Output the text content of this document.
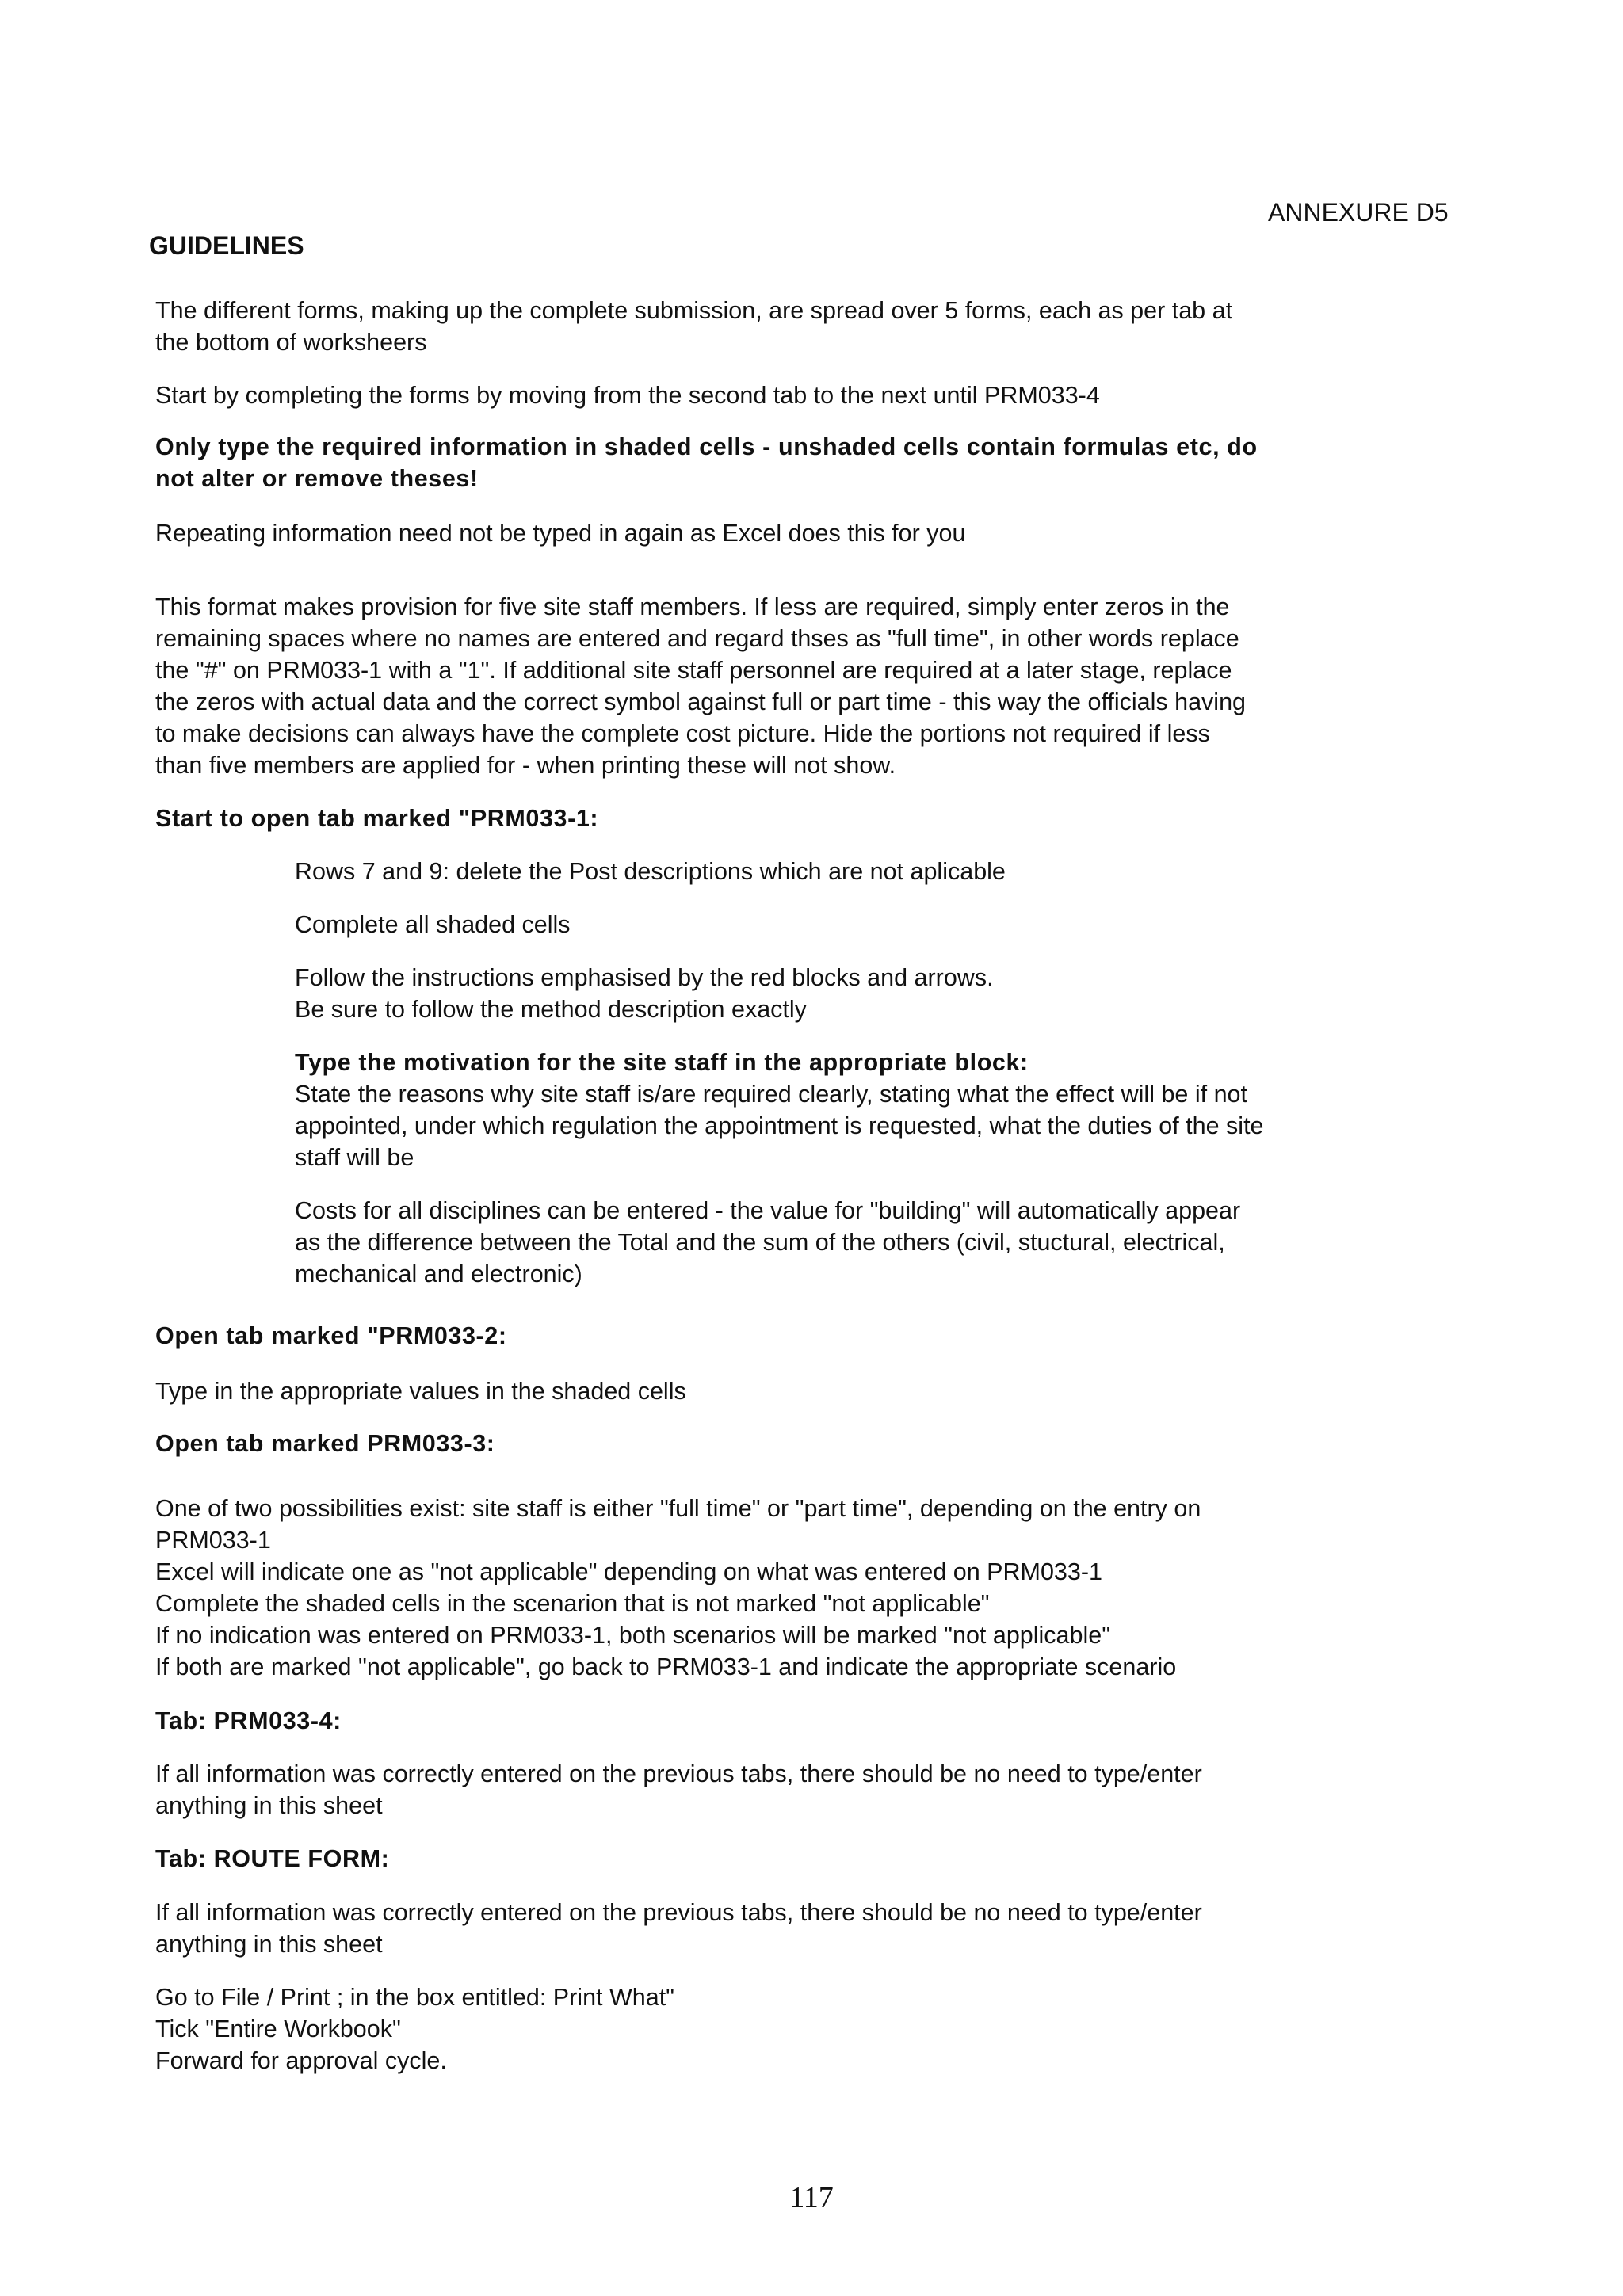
ANNEXURE D5
GUIDELINES
The different forms, making up the complete submission, are spread over 5 forms, each as per tab at
the bottom of worksheers
Start by completing the forms by moving from the second tab to the next until PRM033-4
Only type the required information in shaded cells - unshaded cells contain formulas etc, do
not alter or remove theses!
Repeating information need not be typed in again as Excel does this for you
This format makes provision for five site staff members. If less are required, simply enter zeros in the
remaining spaces where no names are entered and regard thses as "full time", in other words replace
the "#" on PRM033-1 with a "1". If additional site staff personnel are required at a later stage, replace
the zeros with actual data and the correct symbol against full or part time - this way the officials having
to make decisions can always have the complete cost picture. Hide the portions not required if less
than five members are applied for - when printing these will not show.
Start to open tab marked "PRM033-1:
Rows 7 and 9: delete the Post descriptions which are not aplicable
Complete all shaded cells
Follow the instructions emphasised by the red blocks and arrows.
Be sure to follow the method description exactly
Type the motivation for the site staff in the appropriate block:
State the reasons why site staff is/are required clearly, stating what the effect will be if not
appointed, under which regulation the appointment is requested, what the duties of the site
staff will be
Costs for all disciplines can be entered - the value for "building" will automatically appear
as the difference between the Total and the sum of the others (civil, stuctural, electrical,
mechanical and electronic)
Open tab marked "PRM033-2:
Type in the appropriate values in the shaded cells
Open tab marked PRM033-3:
One of two possibilities exist: site staff is either "full time" or "part time", depending on the entry on
PRM033-1
Excel will indicate one as "not applicable" depending on what was entered on PRM033-1
Complete the shaded cells in the scenarion that is not marked "not applicable"
If no indication was entered on PRM033-1, both scenarios will be marked "not applicable"
If both are marked "not applicable", go back to PRM033-1 and indicate the appropriate scenario
Tab: PRM033-4:
If all information was correctly entered on the previous tabs, there should be no need to type/enter
anything in this sheet
Tab: ROUTE FORM:
If all information was correctly entered on the previous tabs, there should be no need to type/enter
anything in this sheet
Go to File / Print ; in the box entitled: Print What"
Tick "Entire Workbook"
Forward for approval cycle.
117
